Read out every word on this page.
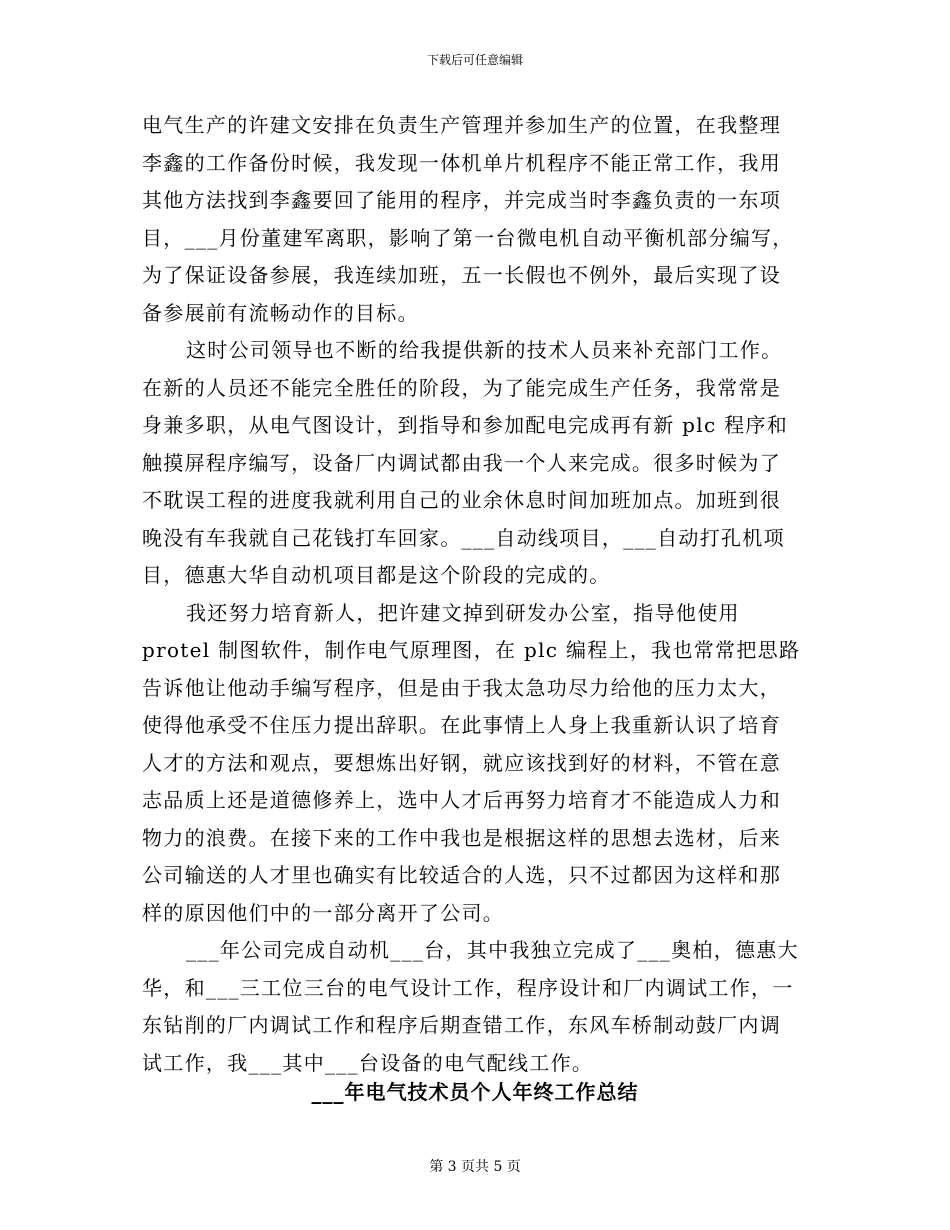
下载后可任意编辑
电气生产的许建文安排在负责生产管理并参加生产的位置，在我整理
李鑫的工作备份时候，我发现一体机单片机程序不能正常工作，我用
其他方法找到李鑫要回了能用的程序，并完成当时李鑫负责的一东项
目，___月份董建军离职，影响了第一台微电机自动平衡机部分编写，
为了保证设备参展，我连续加班，五一长假也不例外，最后实现了设
备参展前有流畅动作的目标。
这时公司领导也不断的给我提供新的技术人员来补充部门工作。
在新的人员还不能完全胜任的阶段，为了能完成生产任务，我常常是
身兼多职，从电气图设计，到指导和参加配电完成再有新 plc 程序和
触摸屏程序编写，设备厂内调试都由我一个人来完成。很多时候为了
不耽误工程的进度我就利用自己的业余休息时间加班加点。加班到很
晚没有车我就自己花钱打车回家。___自动线项目，___自动打孔机项
目，德惠大华自动机项目都是这个阶段的完成的。
我还努力培育新人，把许建文掉到研发办公室，指导他使用
protel 制图软件，制作电气原理图，在 plc 编程上，我也常常把思路
告诉他让他动手编写程序，但是由于我太急功尽力给他的压力太大，
使得他承受不住压力提出辞职。在此事情上人身上我重新认识了培育
人才的方法和观点，要想炼出好钢，就应该找到好的材料，不管在意
志品质上还是道德修养上，选中人才后再努力培育才不能造成人力和
物力的浪费。在接下来的工作中我也是根据这样的思想去选材，后来
公司输送的人才里也确实有比较适合的人选，只不过都因为这样和那
样的原因他们中的一部分离开了公司。
___年公司完成自动机___台，其中我独立完成了___奥柏，德惠大
华，和___三工位三台的电气设计工作，程序设计和厂内调试工作，一
东钻削的厂内调试工作和程序后期查错工作，东风车桥制动鼓厂内调
试工作，我___其中___台设备的电气配线工作。
___年电气技术员个人年终工作总结
第 3 页共 5 页
